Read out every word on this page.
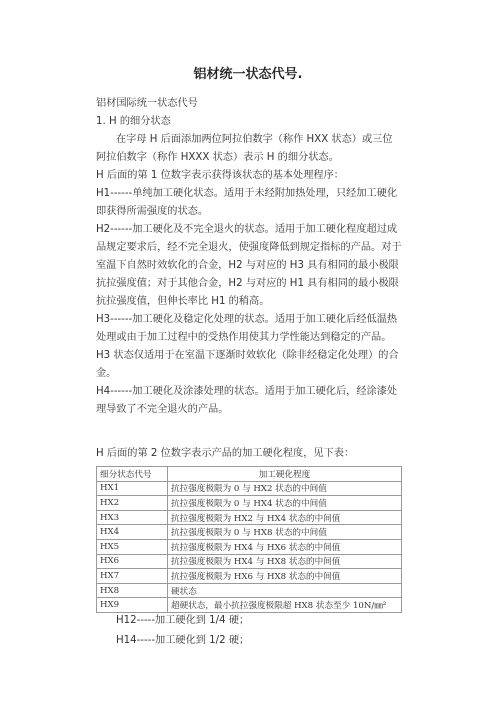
铝材统一状态代号.

铝材国际统一状态代号

1. H 的细分状态

在字母 H 后面添加两位阿拉伯数字（称作 HXX 状态）或三位阿拉伯数字（称作 HXXX 状态）表示 H 的细分状态。

H 后面的第 1 位数字表示获得该状态的基本处理程序：

H1------单纯加工硬化状态。适用于未经附加热处理，只经加工硬化即获得所需强度的状态。

H2------加工硬化及不完全退火的状态。适用于加工硬化程度超过成品规定要求后，经不完全退火，使强度降低到规定指标的产品。对于室温下自然时效软化的合金，H2 与对应的 H3 具有相同的最小极限抗拉强度值；对于其他合金，H2 与对应的 H1 具有相同的最小极限抗拉强度值，但伸长率比 H1 的稍高。

H3------加工硬化及稳定化处理的状态。适用于加工硬化后经低温热处理或由于加工过程中的受热作用使其力学性能达到稳定的产品。H3 状态仅适用于在室温下逐渐时效软化（除非经稳定化处理）的合金。

H4------加工硬化及涂漆处理的状态。适用于加工硬化后，经涂漆处理导致了不完全退火的产品。

H 后面的第 2 位数字表示产品的加工硬化程度，见下表：

细分状态代号	加工硬化程度
HX1	抗拉强度极限为 0 与 HX2 状态的中间值
HX2	抗拉强度极限为 0 与 HX4 状态的中间值
HX3	抗拉强度极限为 HX2 与 HX4 状态的中间值
HX4	抗拉强度极限为 0 与 HX8 状态的中间值
HX5	抗拉强度极限为 HX4 与 HX6 状态的中间值
HX6	抗拉强度极限为 HX4 与 HX8 状态的中间值
HX7	抗拉强度极限为 HX6 与 HX8 状态的中间值
HX8	硬状态
HX9	超硬状态，最小抗拉强度极限超 HX8 状态至少 10N/㎜²

H12-----加工硬化到 1/4 硬；

H14-----加工硬化到 1/2 硬；
